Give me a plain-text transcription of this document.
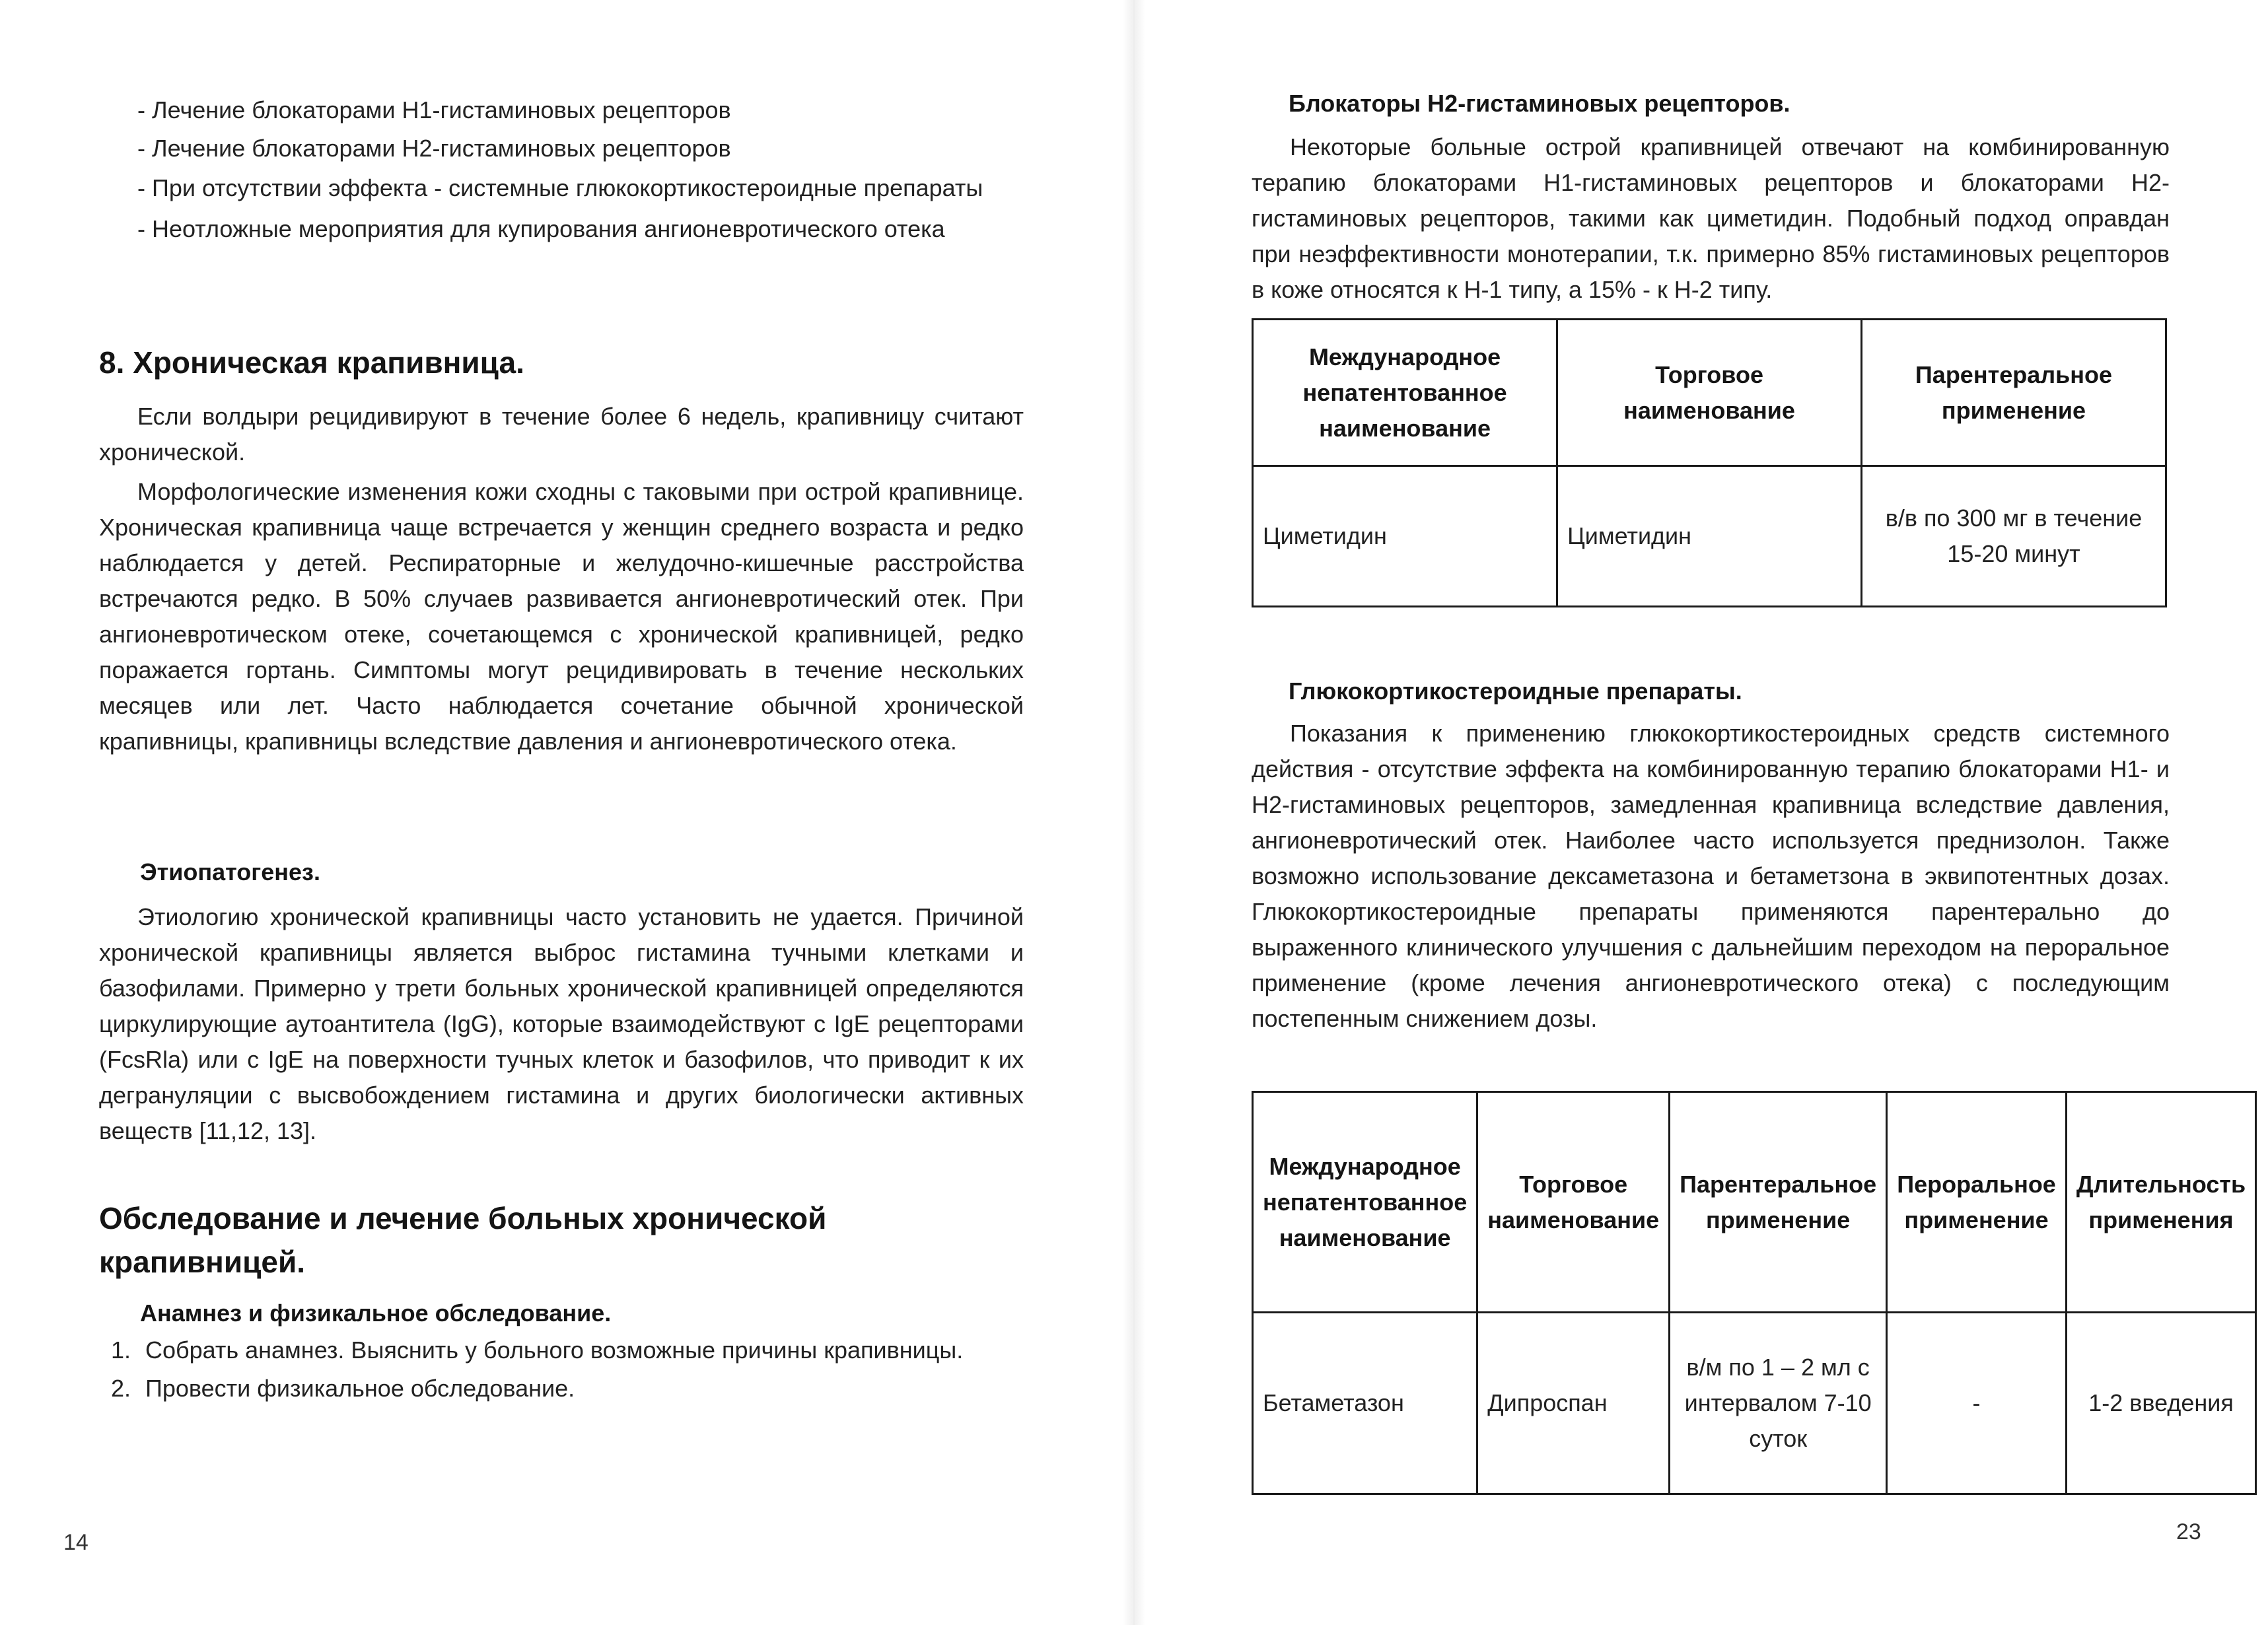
- Лечение блокаторами Н1-гистаминовых рецепторов

- Лечение блокаторами Н2-гистаминовых рецепторов

- При отсутствии эффекта - системные глюкокортикостероидные препараты

- Неотложные мероприятия для купирования ангионевротического отека

8. Хроническая крапивница.

Если волдыри рецидивируют в течение более 6 недель, крапивницу считают хронической.

Морфологические изменения кожи сходны с таковыми при острой крапивнице. Хроническая крапивница чаще встречается у женщин среднего возраста и редко наблюдается у детей. Респираторные и желудочно-кишечные расстройства встречаются редко. В 50% случаев развивается ангионевротический отек. При ангионевротическом отеке, сочетающемся с хронической крапивницей, редко поражается гортань. Симптомы могут рецидивировать в течение нескольких месяцев или лет. Часто наблюдается сочетание обычной хронической крапивницы, крапивницы вследствие давления и ангионевротического отека.

Этиопатогенез.

Этиологию хронической крапивницы часто установить не удается. Причиной хронической крапивницы является выброс гистамина тучными клетками и базофилами. Примерно у трети больных хронической крапивницей определяются циркулирующие аутоантитела (IgG), которые взаимодействуют с IgE рецепторами (FcsRla) или с IgE на поверхности тучных клеток и базофилов, что приводит к их дегрануляции с высвобождением гистамина и других биологически активных веществ [11,12, 13].

Обследование и лечение больных хронической крапивницей.
Анамнез и физикальное обследование.
1. Собрать анамнез. Выяснить у больного возможные причины крапивницы.
2. Провести физикальное обследование.
14
Блокаторы Н2-гистаминовых рецепторов.

Некоторые больные острой крапивницей отвечают на комбинированную терапию блокаторами Н1-гистаминовых рецепторов и блокаторами Н2-гистаминовых рецепторов, такими как циметидин. Подобный подход оправдан при неэффективности монотерапии, т.к. примерно 85% гистаминовых рецепторов в коже относятся к Н-1 типу, а 15% - к Н-2 типу.

Международное непатентованное наименование	Торговое наименование	Парентеральное применение
Циметидин	Циметидин	в/в по 300 мг в течение 15-20 минут
Глюкокортикостероидные препараты.

Показания к применению глюкокортикостероидных средств системного действия - отсутствие эффекта на комбинированную терапию блокаторами Н1- и Н2-гистаминовых рецепторов, замедленная крапивница вследствие давления, ангионевротический отек. Наиболее часто используется преднизолон. Также возможно использование дексаметазона и бетаметзона в эквипотентных дозах. Глюкокортикостероидные препараты применяются парентерально до выраженного клинического улучшения с дальнейшим переходом на пероральное применение (кроме лечения ангионевротического отека) с последующим постепенным снижением дозы.

Международное непатентованное наименование	Торговое наименование	Парентеральное применение	Пероральное применение	Длительность применения
Бетаметазон	Дипроспан	в/м по 1 – 2 мл с интервалом 7-10 суток	-	1-2 введения
23
